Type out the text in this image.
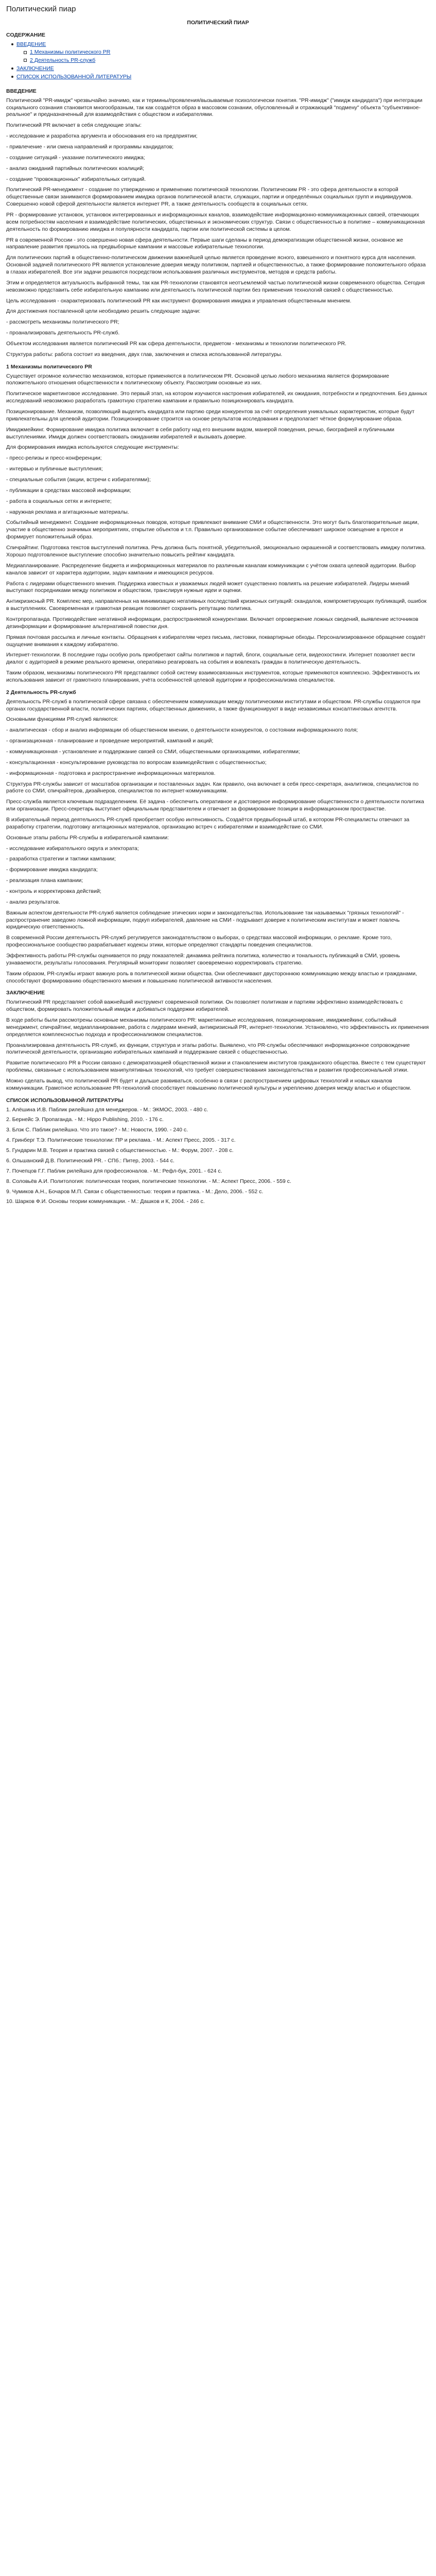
Политический пиар
ПОЛИТИЧЕСКИЙ ПИАР
СОДЕРЖАНИЕ
ВВЕДЕНИЕ
1 Механизмы политического PR
2 Деятельность PR-служб
ЗАКЛЮЧЕНИЕ
СПИСОК ИСПОЛЬЗОВАННОЙ ЛИТЕРАТУРЫ
ВВЕДЕНИЕ

Политический "PR-имидж" чрезвычайно значимо, как и термины/проявления/вызываемые психологически понятия. "PR-имидж" ("имидж кандидата") при интеграции социального сознания становится многообразным, так как создаётся образ в массовом сознании, обусловленный и отражающий "подмену" объекта "субъективное-реальное" и предназначенный для взаимодействия с обществом и избирателями.

Политический PR включает в себя следующие этапы:

- исследование и разработка аргумента и обоснования его на предприятии;

- привлечение - или смена направлений и программы кандидатов;

- создание ситуаций - указание политического имиджа;

- анализ ожиданий партийных политических коалиций;

- создание "провокационных" избирательных ситуаций.

Политический PR-менеджмент - создание по утверждению и применению политической технологии. Политическим PR - это сфера деятельности в которой общественные связи занимаются формированием имиджа органов политической власти, служащих, партии и определённых социальных групп и индивидуумов. Совершенно новой сферой деятельности является интернет PR, а также деятельность сообществ в социальных сетях.

PR - формирование установок, установок интегрированных и информационных каналов, взаимодействие информационно-коммуникационных связей, отвечающих всем потребностям населения и взаимодействие политических, общественных и экономических структур. Связи с общественностью в политике – коммуникационная деятельность по формированию имиджа и популярности кандидата, партии или политической системы в целом.

PR в современной России - это совершенно новая сфера деятельности. Первые шаги сделаны в период демократизации общественной жизни, основное же направление развития пришлось на предвыборные кампании и массовые избирательные технологии.

Для политических партий в общественно-политическом движении важнейшей целью является проведение ясного, взвешенного и понятного курса для населения. Основной задачей политического PR является установление доверия между политиком, партией и общественностью, а также формирование положительного образа в глазах избирателей. Все эти задачи решаются посредством использования различных инструментов, методов и средств работы.

Этим и определяется актуальность выбранной темы, так как PR-технологии становятся неотъемлемой частью политической жизни современного общества. Сегодня невозможно представить себе избирательную кампанию или деятельность политической партии без применения технологий связей с общественностью.

Цель исследования - охарактеризовать политический PR как инструмент формирования имиджа и управления общественным мнением.

Для достижения поставленной цели необходимо решить следующие задачи:

- рассмотреть механизмы политического PR;

- проанализировать деятельность PR-служб.

Объектом исследования является политический PR как сфера деятельности, предметом - механизмы и технологии политического PR.

Структура работы: работа состоит из введения, двух глав, заключения и списка использованной литературы.

1 Механизмы политического PR

Существует огромное количество механизмов, которые применяются в политическом PR. Основной целью любого механизма является формирование положительного отношения общественности к политическому объекту. Рассмотрим основные из них.

Политическое маркетинговое исследование. Это первый этап, на котором изучаются настроения избирателей, их ожидания, потребности и предпочтения. Без данных исследований невозможно разработать грамотную стратегию кампании и правильно позиционировать кандидата.

Позиционирование. Механизм, позволяющий выделить кандидата или партию среди конкурентов за счёт определения уникальных характеристик, которые будут привлекательны для целевой аудитории. Позиционирование строится на основе результатов исследования и предполагает чёткое формулирование образа.

Имиджмейкинг. Формирование имиджа политика включает в себя работу над его внешним видом, манерой поведения, речью, биографией и публичными выступлениями. Имидж должен соответствовать ожиданиям избирателей и вызывать доверие.

Для формирования имиджа используются следующие инструменты:

- пресс-релизы и пресс-конференции;

- интервью и публичные выступления;

- специальные события (акции, встречи с избирателями);

- публикации в средствах массовой информации;

- работа в социальных сетях и интернете;

- наружная реклама и агитационные материалы.

Событийный менеджмент. Создание информационных поводов, которые привлекают внимание СМИ и общественности. Это могут быть благотворительные акции, участие в общественно значимых мероприятиях, открытие объектов и т.п. Правильно организованное событие обеспечивает широкое освещение в прессе и формирует положительный образ.

Спичрайтинг. Подготовка текстов выступлений политика. Речь должна быть понятной, убедительной, эмоционально окрашенной и соответствовать имиджу политика. Хорошо подготовленное выступление способно значительно повысить рейтинг кандидата.

Медиапланирование. Распределение бюджета и информационных материалов по различным каналам коммуникации с учётом охвата целевой аудитории. Выбор каналов зависит от характера аудитории, задач кампании и имеющихся ресурсов.

Работа с лидерами общественного мнения. Поддержка известных и уважаемых людей может существенно повлиять на решение избирателей. Лидеры мнений выступают посредниками между политиком и обществом, транслируя нужные идеи и оценки.

Антикризисный PR. Комплекс мер, направленных на минимизацию негативных последствий кризисных ситуаций: скандалов, компрометирующих публикаций, ошибок в выступлениях. Своевременная и грамотная реакция позволяет сохранить репутацию политика.

Контрпропаганда. Противодействие негативной информации, распространяемой конкурентами. Включает опровержение ложных сведений, выявление источников дезинформации и формирование альтернативной повестки дня.

Прямая почтовая рассылка и личные контакты. Обращения к избирателям через письма, листовки, поквартирные обходы. Персонализированное обращение создаёт ощущение внимания к каждому избирателю.

Интернет-технологии. В последние годы особую роль приобретают сайты политиков и партий, блоги, социальные сети, видеохостинги. Интернет позволяет вести диалог с аудиторией в режиме реального времени, оперативно реагировать на события и вовлекать граждан в политическую деятельность.

Таким образом, механизмы политического PR представляют собой систему взаимосвязанных инструментов, которые применяются комплексно. Эффективность их использования зависит от грамотного планирования, учёта особенностей целевой аудитории и профессионализма специалистов.

2 Деятельность PR-служб

Деятельность PR-служб в политической сфере связана с обеспечением коммуникации между политическими институтами и обществом. PR-службы создаются при органах государственной власти, политических партиях, общественных движениях, а также функционируют в виде независимых консалтинговых агентств.

Основными функциями PR-служб являются:

- аналитическая - сбор и анализ информации об общественном мнении, о деятельности конкурентов, о состоянии информационного поля;

- организационная - планирование и проведение мероприятий, кампаний и акций;

- коммуникационная - установление и поддержание связей со СМИ, общественными организациями, избирателями;

- консультационная - консультирование руководства по вопросам взаимодействия с общественностью;

- информационная - подготовка и распространение информационных материалов.

Структура PR-службы зависит от масштабов организации и поставленных задач. Как правило, она включает в себя пресс-секретаря, аналитиков, специалистов по работе со СМИ, спичрайтеров, дизайнеров, специалистов по интернет-коммуникациям.

Пресс-служба является ключевым подразделением. Её задача - обеспечить оперативное и достоверное информирование общественности о деятельности политика или организации. Пресс-секретарь выступает официальным представителем и отвечает за формирование позиции в информационном пространстве.

В избирательный период деятельность PR-служб приобретает особую интенсивность. Создаётся предвыборный штаб, в котором PR-специалисты отвечают за разработку стратегии, подготовку агитационных материалов, организацию встреч с избирателями и взаимодействие со СМИ.

Основные этапы работы PR-службы в избирательной кампании:

- исследование избирательного округа и электората;

- разработка стратегии и тактики кампании;

- формирование имиджа кандидата;

- реализация плана кампании;

- контроль и корректировка действий;

- анализ результатов.

Важным аспектом деятельности PR-служб является соблюдение этических норм и законодательства. Использование так называемых "грязных технологий" - распространение заведомо ложной информации, подкуп избирателей, давление на СМИ - подрывает доверие к политическим институтам и может повлечь юридическую ответственность.

В современной России деятельность PR-служб регулируется законодательством о выборах, о средствах массовой информации, о рекламе. Кроме того, профессиональное сообщество разрабатывает кодексы этики, которые определяют стандарты поведения специалистов.

Эффективность работы PR-службы оценивается по ряду показателей: динамика рейтинга политика, количество и тональность публикаций в СМИ, уровень узнаваемости, результаты голосования. Регулярный мониторинг позволяет своевременно корректировать стратегию.

Таким образом, PR-службы играют важную роль в политической жизни общества. Они обеспечивают двустороннюю коммуникацию между властью и гражданами, способствуют формированию общественного мнения и повышению политической активности населения.

ЗАКЛЮЧЕНИЕ

Политический PR представляет собой важнейший инструмент современной политики. Он позволяет политикам и партиям эффективно взаимодействовать с обществом, формировать положительный имидж и добиваться поддержки избирателей.

В ходе работы были рассмотрены основные механизмы политического PR: маркетинговые исследования, позиционирование, имиджмейкинг, событийный менеджмент, спичрайтинг, медиапланирование, работа с лидерами мнений, антикризисный PR, интернет-технологии. Установлено, что эффективность их применения определяется комплексностью подхода и профессионализмом специалистов.

Проанализирована деятельность PR-служб, их функции, структура и этапы работы. Выявлено, что PR-службы обеспечивают информационное сопровождение политической деятельности, организацию избирательных кампаний и поддержание связей с общественностью.

Развитие политического PR в России связано с демократизацией общественной жизни и становлением институтов гражданского общества. Вместе с тем существуют проблемы, связанные с использованием манипулятивных технологий, что требует совершенствования законодательства и развития профессиональной этики.

Можно сделать вывод, что политический PR будет и дальше развиваться, особенно в связи с распространением цифровых технологий и новых каналов коммуникации. Грамотное использование PR-технологий способствует повышению политической культуры и укреплению доверия между властью и обществом.

СПИСОК ИСПОЛЬЗОВАННОЙ ЛИТЕРАТУРЫ
1. Алёшина И.В. Паблик рилейшнз для менеджеров. - М.: ЭКМОС, 2003. - 480 с.
2. Бернейс Э. Пропаганда. - М.: Hippo Publishing, 2010. - 176 с.
3. Блэк С. Паблик рилейшнз. Что это такое? - М.: Новости, 1990. - 240 с.
4. Гринберг Т.Э. Политические технологии: ПР и реклама. - М.: Аспект Пресс, 2005. - 317 с.
5. Гундарин М.В. Теория и практика связей с общественностью. - М.: Форум, 2007. - 208 с.
6. Ольшанский Д.В. Политический PR. - СПб.: Питер, 2003. - 544 с.
7. Почепцов Г.Г. Паблик рилейшнз для профессионалов. - М.: Рефл-бук, 2001. - 624 с.
8. Соловьёв А.И. Политология: политическая теория, политические технологии. - М.: Аспект Пресс, 2006. - 559 с.
9. Чумиков А.Н., Бочаров М.П. Связи с общественностью: теория и практика. - М.: Дело, 2006. - 552 с.
10. Шарков Ф.И. Основы теории коммуникации. - М.: Дашков и К, 2004. - 246 с.
